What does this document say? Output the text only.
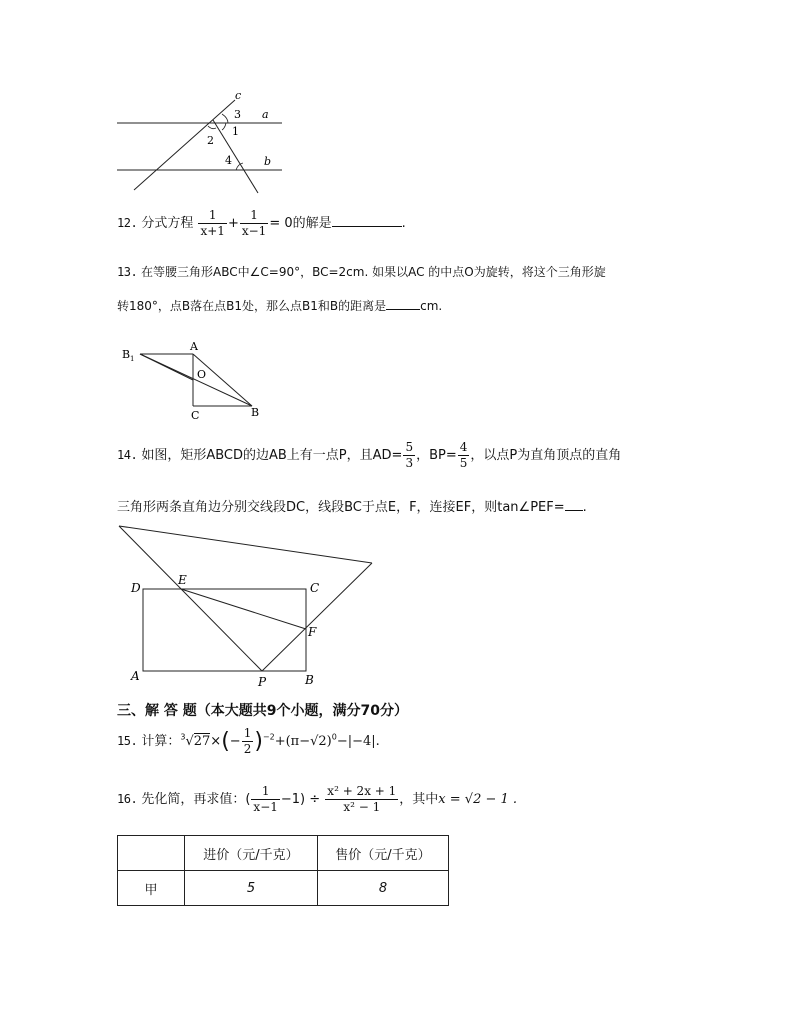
c
a
b
3
1
2
4
12. 分式方程 $\frac{1}{x+1} + \frac{1}{x-1} = 0$的解是	.
13. 在等腰三角形ABC中∠C=90°，BC=2cm. 如果以AC 的中点O为旋转，将这个三角形旋
转180°，点B落在点B1处，那么点B1和B的距离是	cm.
B 1
A
O
C	B
14. 如图，矩形ABCD的边AB上有一点P，且$AD= \frac{5}{3}$ ，$BP= \frac{4}{5}$ ，以点P为直角顶点的直角
三角形两条直角边分别交线段DC，线段BC于点E，F，连接EF，则tan∠PEF= .
D
E
C
F
A	P	B
三、解 答 题（本大题共9个小题，满分70分）
15. 计算：$^3√27\times(- \frac{1}{2} )^{-2}+(\pi-√2)^0-|-4|$.
16. 先化简，再求值：( $\frac{1}{x-1} -1) \div \frac{\text{x² + 2x + 1}}{\text{x² − 1}}$ ，其中x = √2 − 1 .
	进价（元/千克）	售价（元/千克）
甲	5	8
